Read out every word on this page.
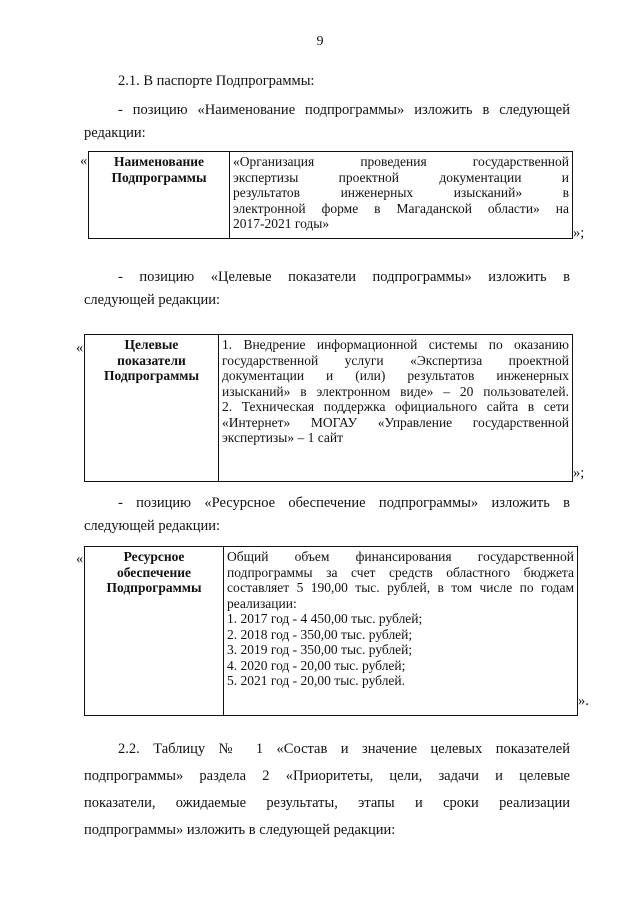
9
2.1. В паспорте Подпрограммы:
- позицию «Наименование подпрограммы» изложить в следующей
редакции:
«	Наименование
Подпрограммы

«Организация проведения государственной
экспертизы проектной документации и
результатов инженерных изысканий» в
электронной форме в Магаданской области» на
2017-2021 годы»
»;
- позицию «Целевые показатели подпрограммы» изложить в
следующей редакции:
«	Целевые
показатели
Подпрограммы

1. Внедрение информационной системы по оказанию
государственной услуги «Экспертиза проектной
документации и (или) результатов инженерных
изысканий» в электронном виде» – 20 пользователей.
2. Техническая поддержка официального сайта в сети
«Интернет» МОГАУ «Управление государственной
экспертизы» – 1 сайт
»;
- позицию «Ресурсное обеспечение подпрограммы» изложить в
следующей редакции:
«	Ресурсное
обеспечение
Подпрограммы

Общий объем финансирования государственной
подпрограммы за счет средств областного бюджета
составляет 5 190,00 тыс. рублей, в том числе по годам
реализации:
1. 2017 год - 4 450,00 тыс. рублей;
2. 2018 год - 350,00 тыс. рублей;
3. 2019 год - 350,00 тыс. рублей;
4. 2020 год - 20,00 тыс. рублей;
5. 2021 год - 20,00 тыс. рублей.
».
2.2. Таблицу № 1 «Состав и значение целевых показателей
подпрограммы» раздела 2 «Приоритеты, цели, задачи и целевые
показатели, ожидаемые результаты, этапы и сроки реализации
подпрограммы» изложить в следующей редакции:
